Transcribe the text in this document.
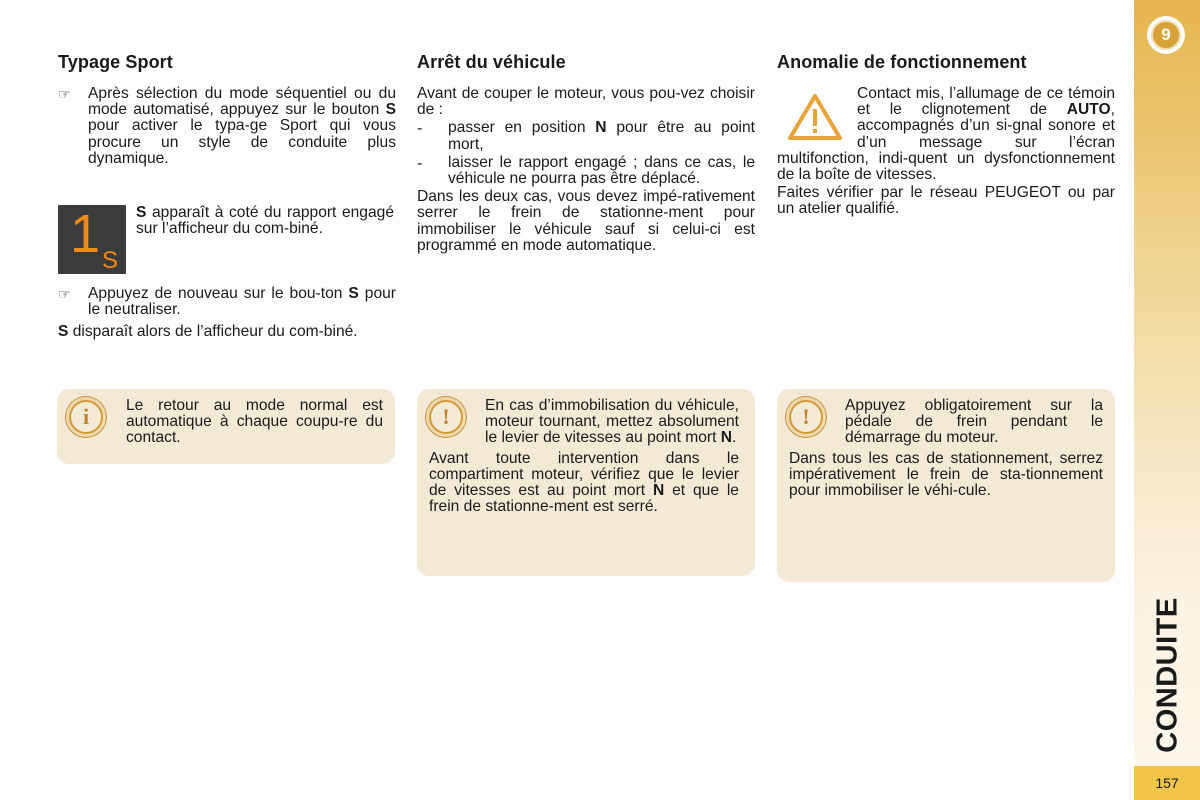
Typage Sport
☞	Après sélection du mode séquentiel ou du mode automatisé, appuyez sur le bouton S pour activer le typa-ge Sport qui vous procure un style de conduite plus dynamique.

1 S

S apparaît à coté du rapport engagé sur l’afficheur du com-biné.

☞	Appuyez de nouveau sur le bou-ton S pour le neutraliser.

S disparaît alors de l’afficheur du com-biné.

Arrêt du véhicule

Avant de couper le moteur, vous pou-vez choisir de :

-	passer en position N pour être au point mort,

-	laisser le rapport engagé ; dans ce cas, le véhicule ne pourra pas être déplacé.

Dans les deux cas, vous devez impé-rativement serrer le frein de stationne-ment pour immobiliser le véhicule sauf si celui-ci est programmé en mode automatique.

Anomalie de fonctionnement

Contact mis, l’allumage de ce témoin et le clignotement de AUTO, accompagnés d’un si-gnal sonore et d’un message sur l’écran multifonction, indi-quent un dysfonctionnement de la boîte de vitesses.

Faites vérifier par le réseau PEUGEOT ou par un atelier qualifié.

i	Le retour au mode normal est automatique à chaque coupu-re du contact.

!	En cas d’immobilisation du véhicule, moteur tournant, mettez absolument le levier de vitesses au point mort N.

Avant toute intervention dans le compartiment moteur, vérifiez que le levier de vitesses est au point mort N et que le frein de stationne-ment est serré.

!	Appuyez obligatoirement sur la pédale de frein pendant le démarrage du moteur.

Dans tous les cas de stationnement, serrez impérativement le frein de sta-tionnement pour immobiliser le véhi-cule.

9
CONDUITE
157
